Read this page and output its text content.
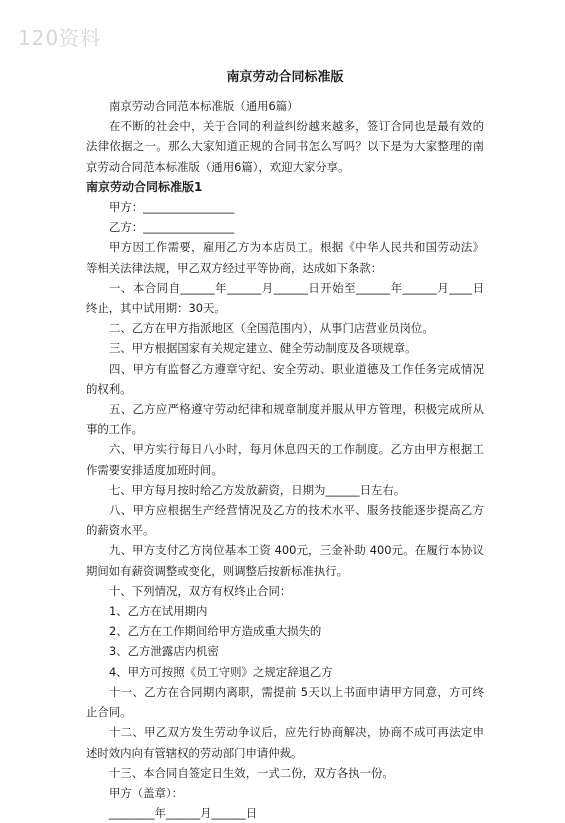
120资料
南京劳动合同标准版

南京劳动合同范本标准版（通用6篇）

在不断的社会中，关于合同的利益纠纷越来越多，签订合同也是最有效的法律依据之一。那么大家知道正规的合同书怎么写吗？以下是为大家整理的南京劳动合同范本标准版（通用6篇），欢迎大家分享。

南京劳动合同标准版1

甲方：________________

乙方：________________

甲方因工作需要，雇用乙方为本店员工。根据《中华人民共和国劳动法》等相关法律法规，甲乙双方经过平等协商，达成如下条款：

一、本合同自______年______月______日开始至______年______月____日终止，其中试用期：30天。

二、乙方在甲方指派地区（全国范围内），从事门店营业员岗位。

三、甲方根据国家有关规定建立、健全劳动制度及各项规章。

四、甲方有监督乙方遵章守纪、安全劳动、职业道德及工作任务完成情况的权利。

五、乙方应严格遵守劳动纪律和规章制度并服从甲方管理，积极完成所从事的工作。

六、甲方实行每日八小时，每月休息四天的工作制度。乙方由甲方根据工作需要安排适度加班时间。

七、甲方每月按时给乙方发放薪资，日期为______日左右。

八、甲方应根据生产经营情况及乙方的技术水平、服务技能逐步提高乙方的薪资水平。

九、甲方支付乙方岗位基本工资 400元，三金补助 400元。在履行本协议期间如有薪资调整或变化，则调整后按新标准执行。

十、下列情况，双方有权终止合同：

1、乙方在试用期内

2、乙方在工作期间给甲方造成重大损失的

3、乙方泄露店内机密

4、甲方可按照《员工守则》之规定辞退乙方

十一、乙方在合同期内离职，需提前 5天以上书面申请甲方同意，方可终止合同。

十二、甲乙双方发生劳动争议后，应先行协商解决，协商不成可再法定申述时效内向有管辖权的劳动部门申请仲裁。

十三、本合同自签定日生效，一式二份，双方各执一份。

甲方（盖章）：

________年______月______日
